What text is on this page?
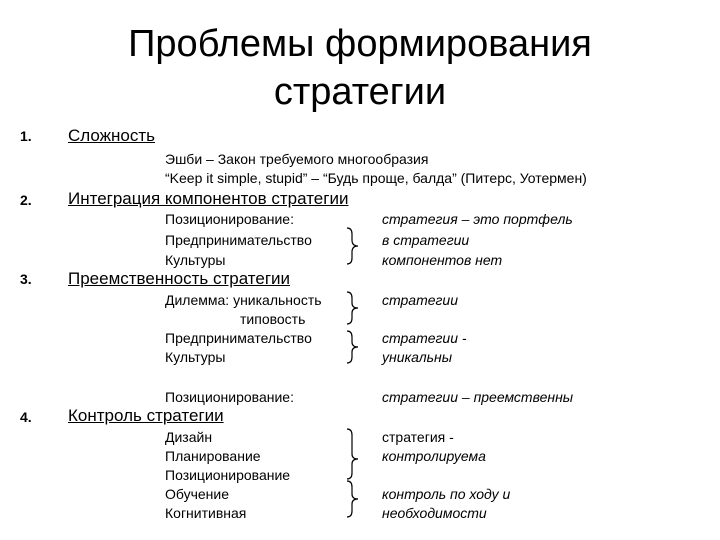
Проблемы формирования
стратегии
1. Сложность
Эшби – Закон требуемого многообразия
“Keep it simple, stupid” – “Будь проще, балда” (Питерс, Уотермен)
2. Интеграция компонентов стратегии
Позиционирование:
Предпринимательство
Культуры
стратегия – это портфель
в стратегии
компонентов нет
3. Преемственность стратегии
Дилемма: уникальность
типовость
Предпринимательство
Культуры
Позиционирование:
стратегии
стратегии -
уникальны
стратегии – преемственны
4. Контроль стратегии
Дизайн
Планирование
Позиционирование
Обучение
Когнитивная
стратегия -
контролируема
контроль по ходу и
необходимости
